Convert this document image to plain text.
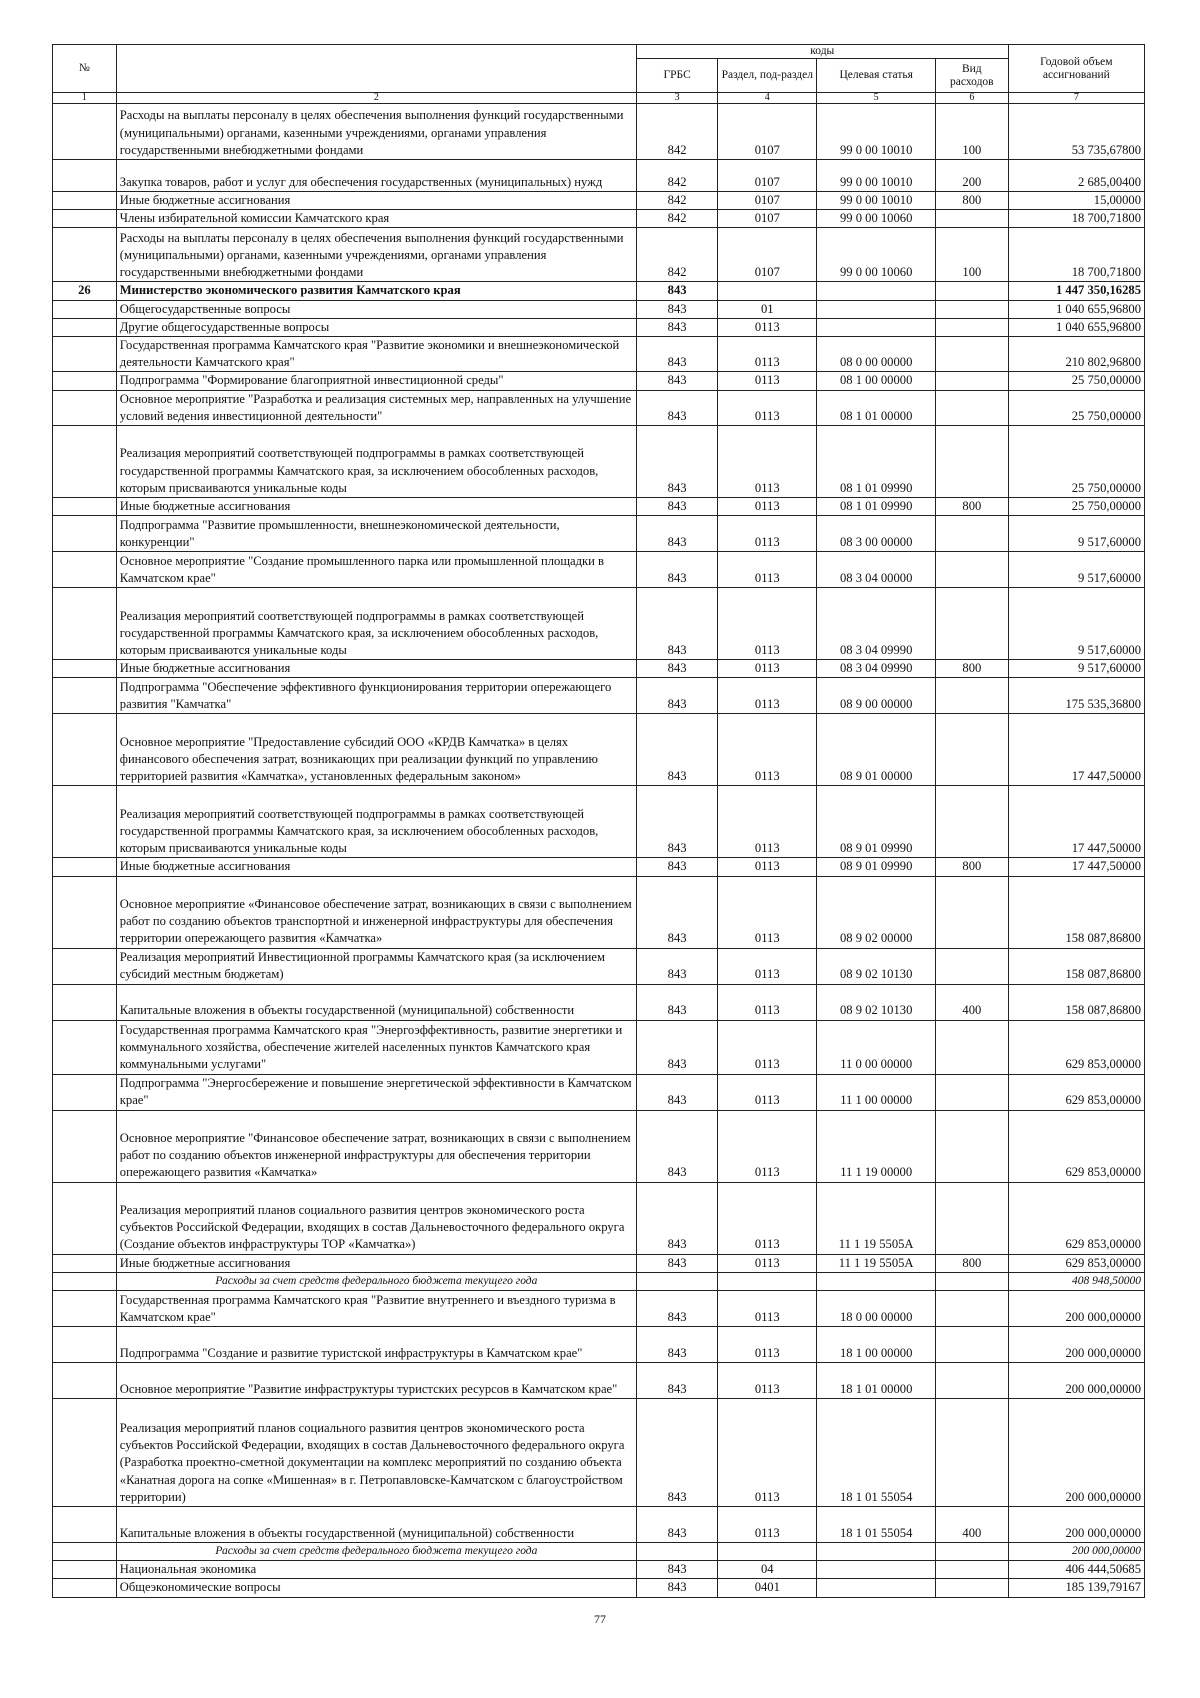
№		коды				Годовой объем ассигнований
		ГРБС	Раздел, под-раздел	Целевая статья	Вид расходов	
1	2	3	4	5	6	7
	Расходы на выплаты персоналу в целях обеспечения выполнения функций государственными (муниципальными) органами, казенными учреждениями, органами управления государственными внебюджетными фондами	842	0107	99 0 00 10010	100	53 735,67800
	Закупка товаров, работ и услуг для обеспечения государственных (муниципальных) нужд	842	0107	99 0 00 10010	200	2 685,00400
	Иные бюджетные ассигнования	842	0107	99 0 00 10010	800	15,00000
	Члены избирательной комиссии Камчатского края	842	0107	99 0 00 10060		18 700,71800
	Расходы на выплаты персоналу в целях обеспечения выполнения функций государственными (муниципальными) органами, казенными учреждениями, органами управления государственными внебюджетными фондами	842	0107	99 0 00 10060	100	18 700,71800
26	Министерство экономического развития Камчатского края	843				1 447 350,16285
	Общегосударственные вопросы	843	01			1 040 655,96800
	Другие общегосударственные вопросы	843	0113			1 040 655,96800
	Государственная программа Камчатского края "Развитие экономики и внешнеэкономической деятельности Камчатского края"	843	0113	08 0 00 00000		210 802,96800
	Подпрограмма "Формирование благоприятной инвестиционной среды"	843	0113	08 1 00 00000		25 750,00000
	Основное мероприятие "Разработка и реализация системных мер, направленных на улучшение условий ведения инвестиционной деятельности"	843	0113	08 1 01 00000		25 750,00000
	Реализация мероприятий соответствующей подпрограммы в рамках соответствующей государственной программы Камчатского края, за исключением обособленных расходов, которым присваиваются уникальные коды	843	0113	08 1 01 09990		25 750,00000
	Иные бюджетные ассигнования	843	0113	08 1 01 09990	800	25 750,00000
	Подпрограмма "Развитие промышленности, внешнеэкономической деятельности, конкуренции"	843	0113	08 3 00 00000		9 517,60000
	Основное мероприятие "Создание промышленного парка или промышленной площадки в Камчатском крае"	843	0113	08 3 04 00000		9 517,60000
	Реализация мероприятий соответствующей подпрограммы в рамках соответствующей государственной программы Камчатского края, за исключением обособленных расходов, которым присваиваются уникальные коды	843	0113	08 3 04 09990		9 517,60000
	Иные бюджетные ассигнования	843	0113	08 3 04 09990	800	9 517,60000
	Подпрограмма "Обеспечение эффективного функционирования территории опережающего развития "Камчатка"	843	0113	08 9 00 00000		175 535,36800
	Основное мероприятие "Предоставление субсидий ООО «КРДВ Камчатка» в целях финансового обеспечения затрат, возникающих при реализации функций по управлению территорией развития «Камчатка», установленных федеральным законом»	843	0113	08 9 01 00000		17 447,50000
	Реализация мероприятий соответствующей подпрограммы в рамках соответствующей государственной программы Камчатского края, за исключением обособленных расходов, которым присваиваются уникальные коды	843	0113	08 9 01 09990		17 447,50000
	Иные бюджетные ассигнования	843	0113	08 9 01 09990	800	17 447,50000
	Основное мероприятие «Финансовое обеспечение затрат, возникающих в связи с выполнением работ по созданию объектов транспортной и инженерной инфраструктуры для обеспечения территории опережающего развития «Камчатка»	843	0113	08 9 02 00000		158 087,86800
	Реализация мероприятий Инвестиционной программы Камчатского края (за исключением субсидий местным бюджетам)	843	0113	08 9 02 10130		158 087,86800
	Капитальные вложения в объекты государственной (муниципальной) собственности	843	0113	08 9 02 10130	400	158 087,86800
	Государственная программа Камчатского края "Энергоэффективность, развитие энергетики и коммунального хозяйства, обеспечение жителей населенных пунктов Камчатского края коммунальными услугами"	843	0113	11 0 00 00000		629 853,00000
	Подпрограмма "Энергосбережение и повышение энергетической эффективности в Камчатском крае"	843	0113	11 1 00 00000		629 853,00000
	Основное мероприятие "Финансовое обеспечение затрат, возникающих в связи с выполнением работ по созданию объектов инженерной инфраструктуры для обеспечения территории опережающего развития «Камчатка»	843	0113	11 1 19 00000		629 853,00000
	Реализация мероприятий планов социального развития центров экономического роста субъектов Российской Федерации, входящих в состав Дальневосточного федерального округа (Создание объектов инфраструктуры ТОР «Камчатка»)	843	0113	11 1 19 5505A		629 853,00000
	Иные бюджетные ассигнования	843	0113	11 1 19 5505A	800	629 853,00000
	Расходы за счет средств федерального бюджета текущего года					408 948,50000
	Государственная программа Камчатского края "Развитие внутреннего и въездного туризма в Камчатском крае"	843	0113	18 0 00 00000		200 000,00000
	Подпрограмма "Создание и развитие туристской инфраструктуры в Камчатском крае"	843	0113	18 1 00 00000		200 000,00000
	Основное мероприятие "Развитие инфраструктуры туристских ресурсов в Камчатском крае"	843	0113	18 1 01 00000		200 000,00000
	Реализация мероприятий планов социального развития центров экономического роста субъектов Российской Федерации, входящих в состав Дальневосточного федерального округа (Разработка проектно-сметной документации на комплекс мероприятий по созданию объекта «Канатная дорога на сопке «Мишенная» в г. Петропавловске-Камчатском с благоустройством территории)	843	0113	18 1 01 55054		200 000,00000
	Капитальные вложения в объекты государственной (муниципальной) собственности	843	0113	18 1 01 55054	400	200 000,00000
	Расходы за счет средств федерального бюджета текущего года					200 000,00000
	Национальная экономика	843	04			406 444,50685
	Общеэкономические вопросы	843	0401			185 139,79167
77
